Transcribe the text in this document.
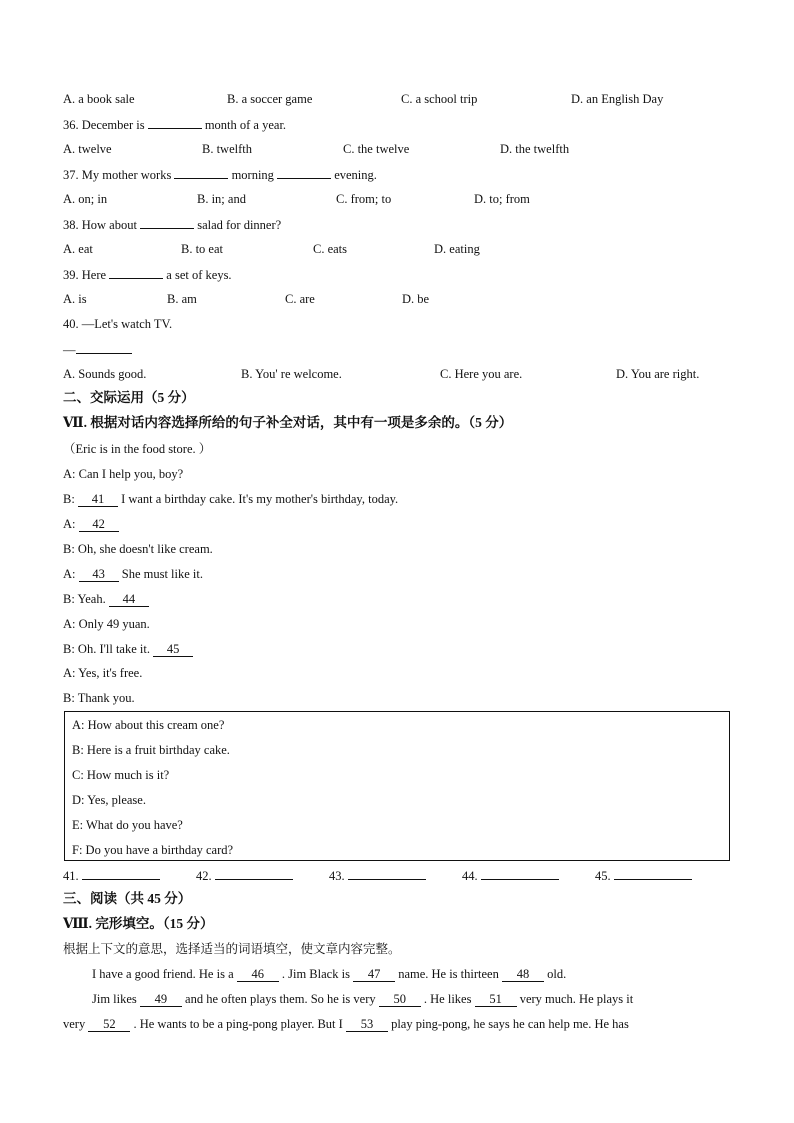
A. a book sale	B. a soccer game	C. a school trip	D. an English Day
36. December is	month of a year.
A. twelve	B. twelfth	C. the twelve	D. the twelfth
37. My mother works	morning	evening.
A. on; in	B. in; and	C. from; to	D. to; from
38. How about	salad for dinner?
A. eat	B. to eat	C. eats	D. eating
39. Here	a set of keys.
A. is	B. am	C. are	D. be
40. —Let's watch TV.
—
A. Sounds good.	B. You' re welcome.	C. Here you are.	D. You are right.
二、交际运用（5 分）
Ⅶ. 根据对话内容选择所给的句子补全对话，其中有一项是多余的。（5 分）
（Eric is in the food store. ）
A: Can I help you, boy?
B: 41 I want a birthday cake. It's my mother's birthday, today.
A: 42
B: Oh, she doesn't like cream.
A: 43 She must like it.
B: Yeah. 44
A: Only 49 yuan.
B: Oh. I'll take it. 45
A: Yes, it's free.
B: Thank you.
A: How about this cream one?
B: Here is a fruit birthday cake.
C: How much is it?
D: Yes, please.
E: What do you have?
F: Do you have a birthday card?
41.	42.	43.	44.	45.
三、阅读（共 45 分）
Ⅷ. 完形填空。（15 分）
根据上下文的意思，选择适当的词语填空，使文章内容完整。
I have a good friend. He is a 46 . Jim Black is 47 name. He is thirteen 48 old.
Jim likes 49 and he often plays them. So he is very 50 . He likes 51 very much. He plays it
very 52 . He wants to be a ping-pong player. But I 53 play ping-pong, he says he can help me. He has
